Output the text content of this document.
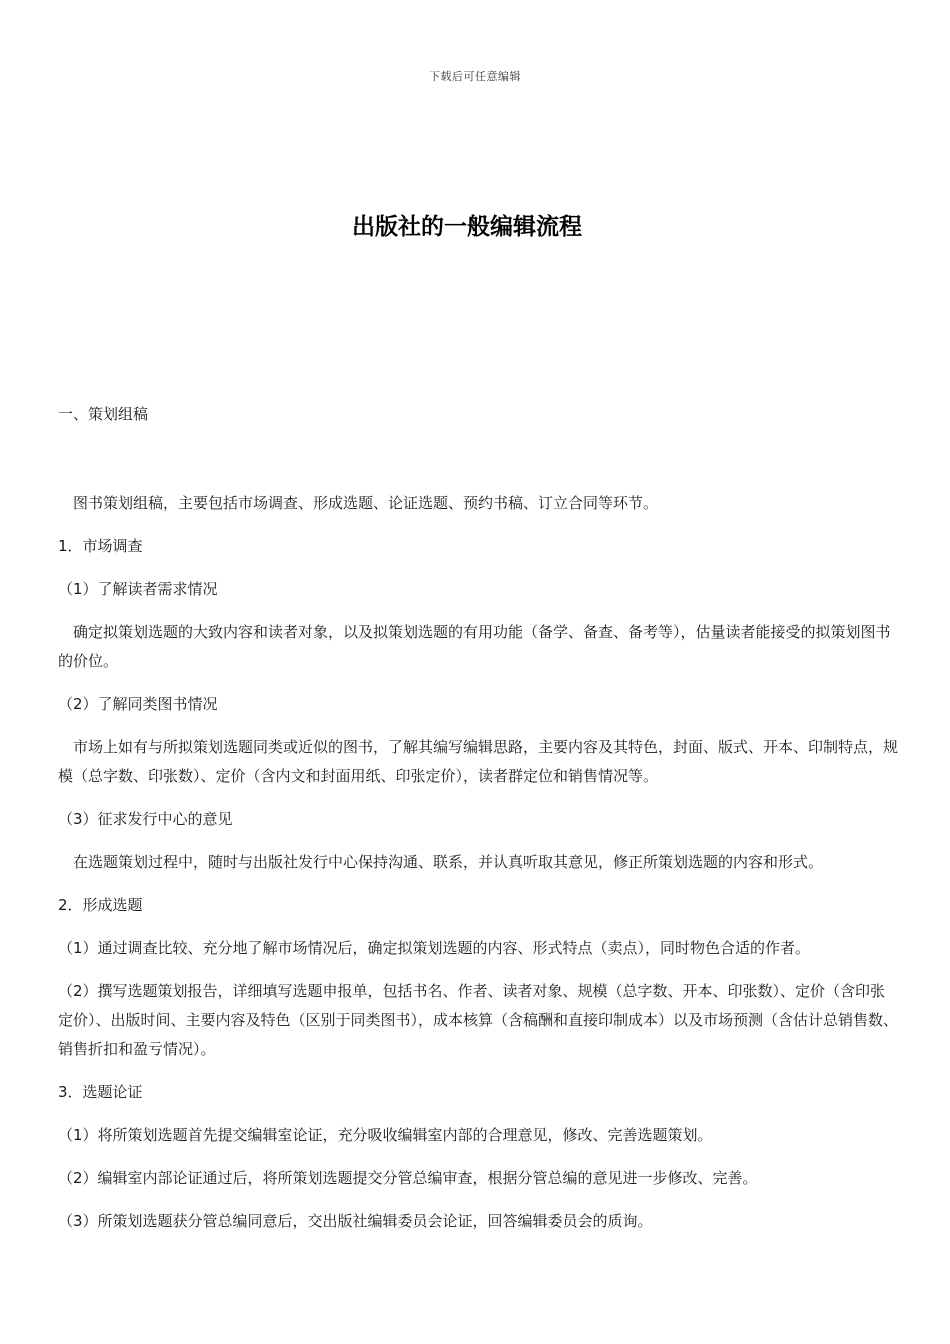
下载后可任意编辑
出版社的一般编辑流程

一、策划组稿

图书策划组稿，主要包括市场调查、形成选题、论证选题、预约书稿、订立合同等环节。

1．市场调查

（1）了解读者需求情况

确定拟策划选题的大致内容和读者对象，以及拟策划选题的有用功能（备学、备查、备考等），估量读者能接受的拟策划图书的价位。

（2）了解同类图书情况

市场上如有与所拟策划选题同类或近似的图书，了解其编写编辑思路，主要内容及其特色，封面、版式、开本、印制特点，规模（总字数、印张数）、定价（含内文和封面用纸、印张定价），读者群定位和销售情况等。

（3）征求发行中心的意见

在选题策划过程中，随时与出版社发行中心保持沟通、联系，并认真听取其意见，修正所策划选题的内容和形式。

2．形成选题

（1）通过调查比较、充分地了解市场情况后，确定拟策划选题的内容、形式特点（卖点），同时物色合适的作者。

（2）撰写选题策划报告，详细填写选题申报单，包括书名、作者、读者对象、规模（总字数、开本、印张数）、定价（含印张定价）、出版时间、主要内容及特色（区别于同类图书），成本核算（含稿酬和直接印制成本）以及市场预测（含估计总销售数、销售折扣和盈亏情况）。

3．选题论证

（1）将所策划选题首先提交编辑室论证，充分吸收编辑室内部的合理意见，修改、完善选题策划。

（2）编辑室内部论证通过后，将所策划选题提交分管总编审查，根据分管总编的意见进一步修改、完善。

（3）所策划选题获分管总编同意后，交出版社编辑委员会论证，回答编辑委员会的质询。
